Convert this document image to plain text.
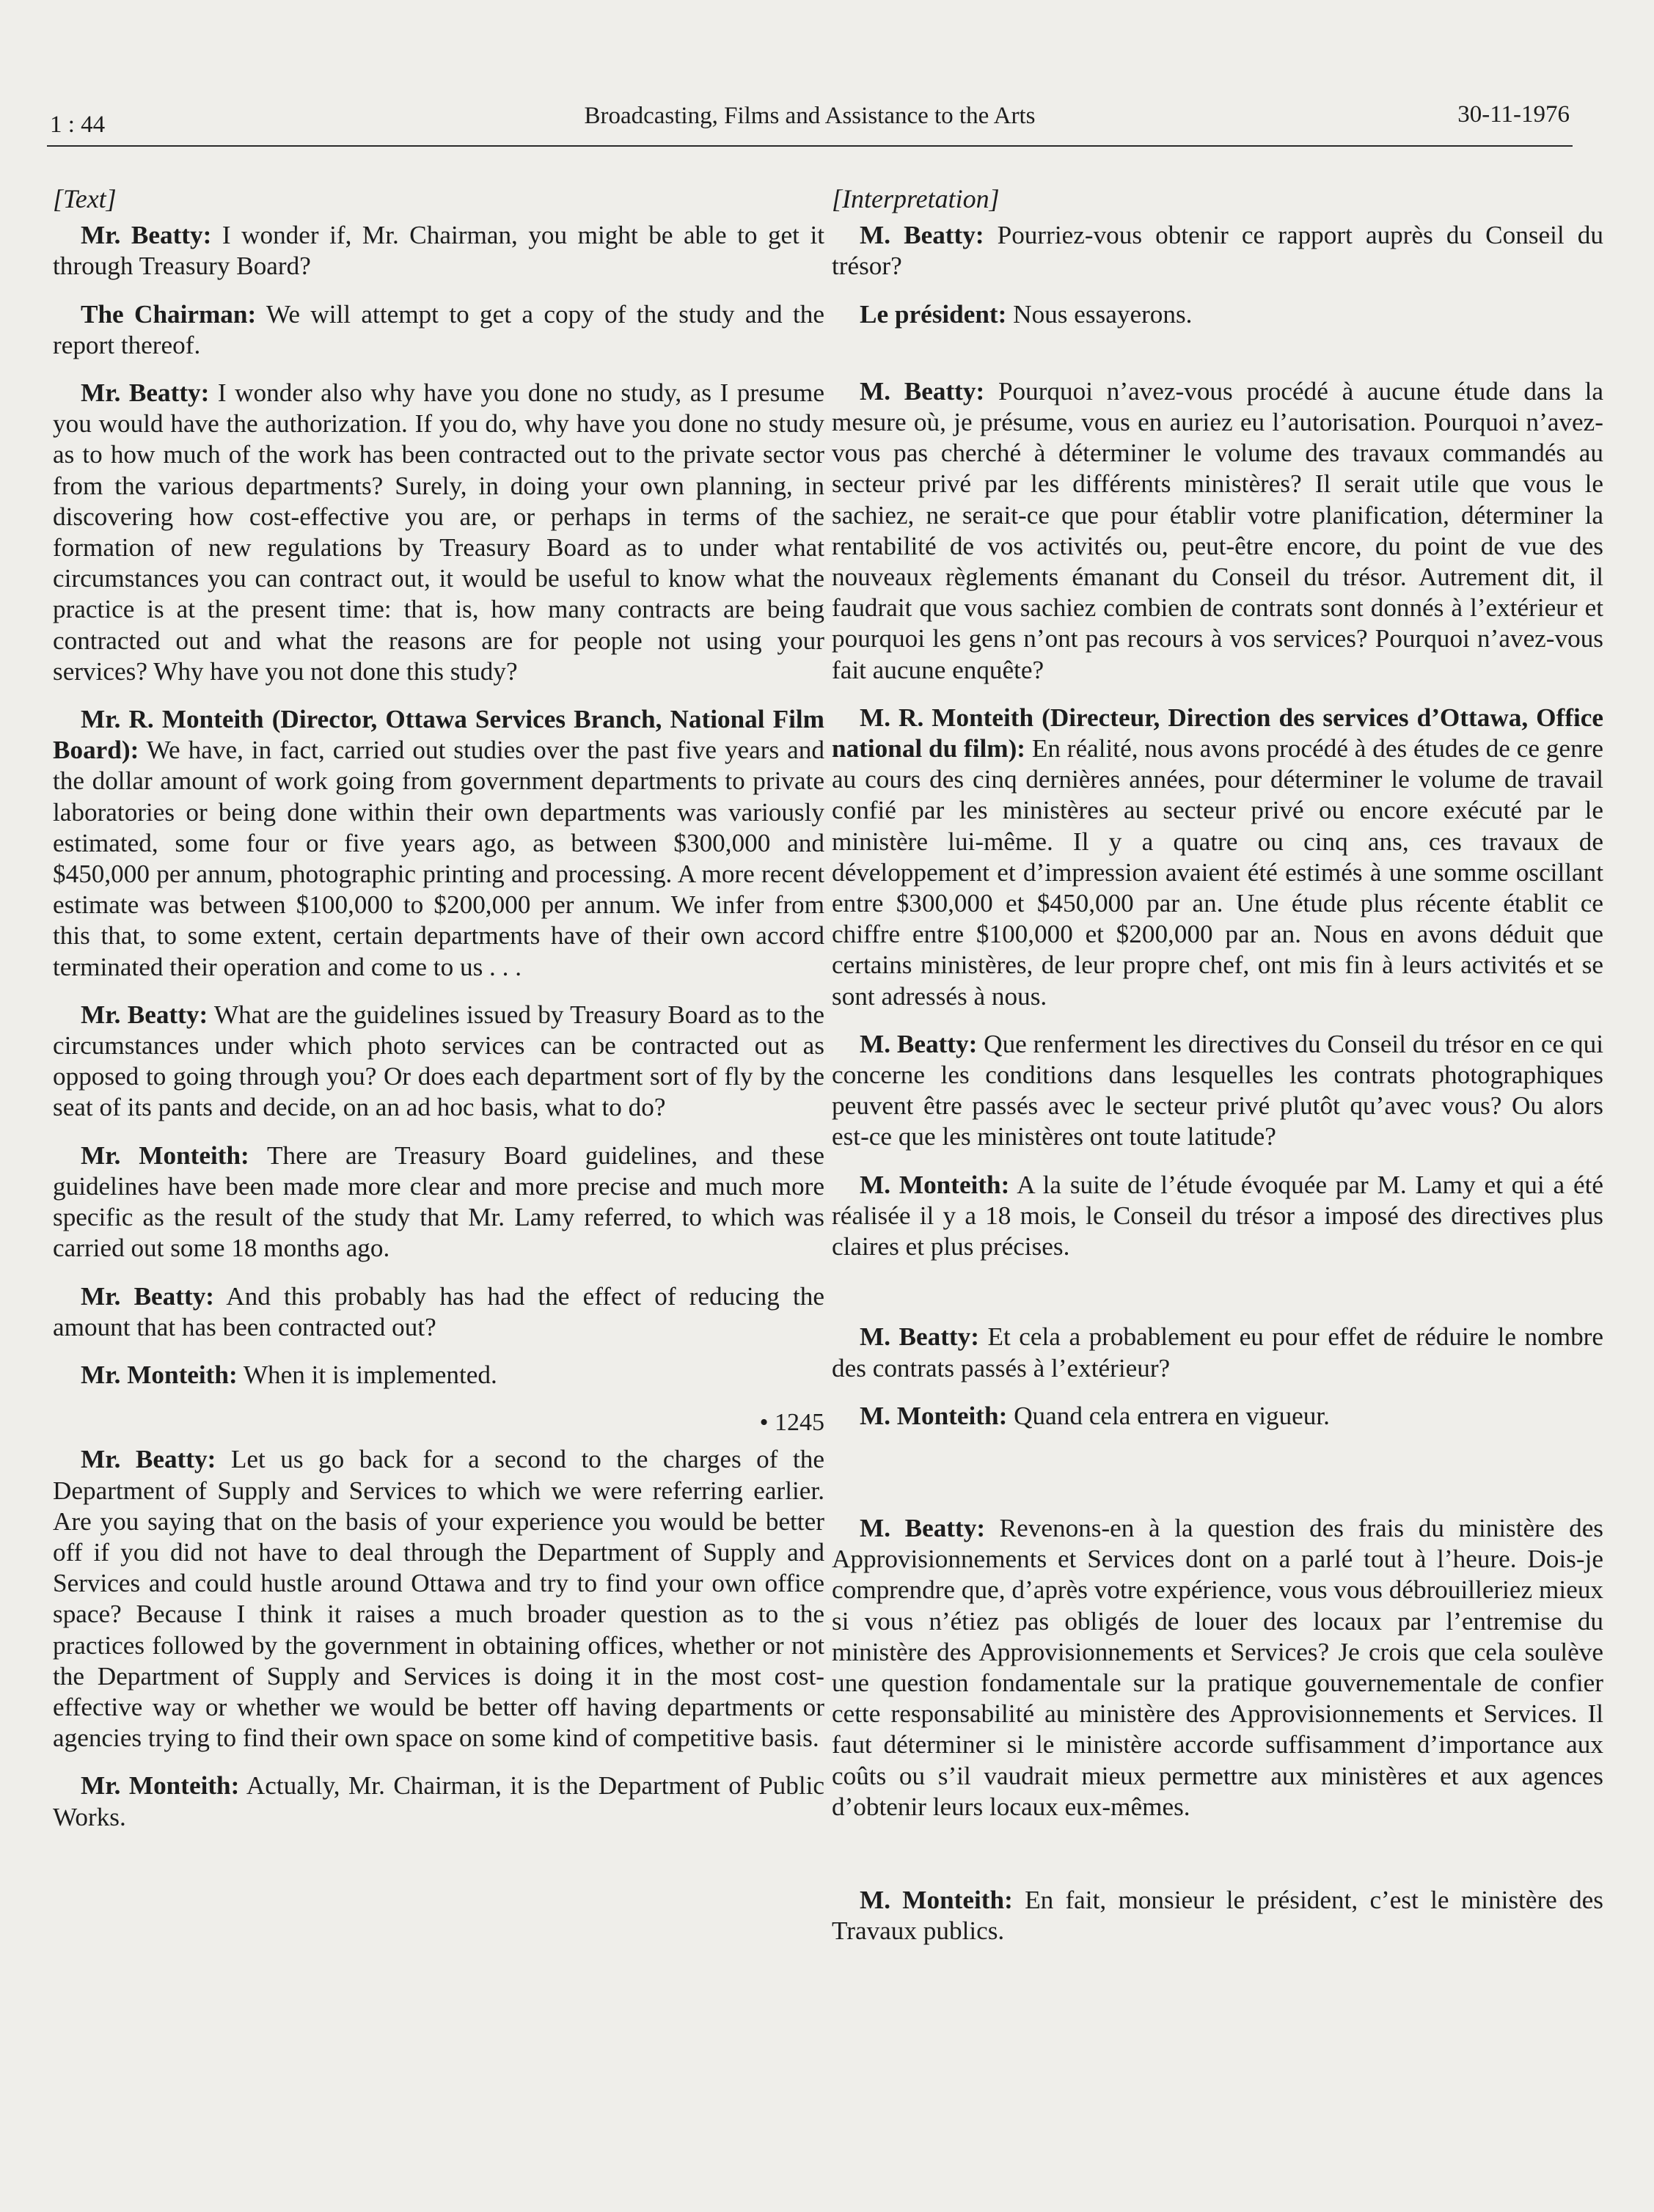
1 : 44	Broadcasting, Films and Assistance to the Arts	30-11-1976
[Text]

Mr. Beatty: I wonder if, Mr. Chairman, you might be able to get it through Treasury Board?

The Chairman: We will attempt to get a copy of the study and the report thereof.

Mr. Beatty: I wonder also why have you done no study, as I presume you would have the authorization. If you do, why have you done no study as to how much of the work has been contracted out to the private sector from the various departments? Surely, in doing your own planning, in discovering how cost-effective you are, or perhaps in terms of the formation of new regulations by Treasury Board as to under what circumstances you can contract out, it would be useful to know what the practice is at the present time: that is, how many contracts are being contracted out and what the reasons are for people not using your services? Why have you not done this study?

Mr. R. Monteith (Director, Ottawa Services Branch, National Film Board): We have, in fact, carried out studies over the past five years and the dollar amount of work going from government departments to private laboratories or being done within their own departments was variously estimated, some four or five years ago, as between $300,000 and $450,000 per annum, photographic printing and processing. A more recent estimate was between $100,000 to $200,000 per annum. We infer from this that, to some extent, certain departments have of their own accord terminated their operation and come to us . . .

Mr. Beatty: What are the guidelines issued by Treasury Board as to the circumstances under which photo services can be contracted out as opposed to going through you? Or does each department sort of fly by the seat of its pants and decide, on an ad hoc basis, what to do?

Mr. Monteith: There are Treasury Board guidelines, and these guidelines have been made more clear and more precise and much more specific as the result of the study that Mr. Lamy referred, to which was carried out some 18 months ago.

Mr. Beatty: And this probably has had the effect of reducing the amount that has been contracted out?

Mr. Monteith: When it is implemented.

• 1245

Mr. Beatty: Let us go back for a second to the charges of the Department of Supply and Services to which we were referring earlier. Are you saying that on the basis of your experience you would be better off if you did not have to deal through the Department of Supply and Services and could hustle around Ottawa and try to find your own office space? Because I think it raises a much broader question as to the practices followed by the government in obtaining offices, whether or not the Department of Supply and Services is doing it in the most cost-effective way or whether we would be better off having departments or agencies trying to find their own space on some kind of competitive basis.

Mr. Monteith: Actually, Mr. Chairman, it is the Department of Public Works.

[Interpretation]

M. Beatty: Pourriez-vous obtenir ce rapport auprès du Conseil du trésor?

Le président: Nous essayerons.

M. Beatty: Pourquoi n’avez-vous procédé à aucune étude dans la mesure où, je présume, vous en auriez eu l’autorisation. Pourquoi n’avez-vous pas cherché à déterminer le volume des travaux commandés au secteur privé par les différents ministères? Il serait utile que vous le sachiez, ne serait-ce que pour établir votre planification, déterminer la rentabilité de vos activités ou, peut-être encore, du point de vue des nouveaux règlements émanant du Conseil du trésor. Autrement dit, il faudrait que vous sachiez combien de contrats sont donnés à l’extérieur et pourquoi les gens n’ont pas recours à vos services? Pourquoi n’avez-vous fait aucune enquête?

M. R. Monteith (Directeur, Direction des services d’Ottawa, Office national du film): En réalité, nous avons procédé à des études de ce genre au cours des cinq dernières années, pour déterminer le volume de travail confié par les ministères au secteur privé ou encore exécuté par le ministère lui-même. Il y a quatre ou cinq ans, ces travaux de développement et d’impression avaient été estimés à une somme oscillant entre $300,000 et $450,000 par an. Une étude plus récente établit ce chiffre entre $100,000 et $200,000 par an. Nous en avons déduit que certains ministères, de leur propre chef, ont mis fin à leurs activités et se sont adressés à nous.

M. Beatty: Que renferment les directives du Conseil du trésor en ce qui concerne les conditions dans lesquelles les contrats photographiques peuvent être passés avec le secteur privé plutôt qu’avec vous? Ou alors est-ce que les ministères ont toute latitude?

M. Monteith: A la suite de l’étude évoquée par M. Lamy et qui a été réalisée il y a 18 mois, le Conseil du trésor a imposé des directives plus claires et plus précises.

M. Beatty: Et cela a probablement eu pour effet de réduire le nombre des contrats passés à l’extérieur?

M. Monteith: Quand cela entrera en vigueur.

M. Beatty: Revenons-en à la question des frais du ministère des Approvisionnements et Services dont on a parlé tout à l’heure. Dois-je comprendre que, d’après votre expérience, vous vous débrouilleriez mieux si vous n’étiez pas obligés de louer des locaux par l’entremise du ministère des Approvisionnements et Services? Je crois que cela soulève une question fondamentale sur la pratique gouvernementale de confier cette responsabilité au ministère des Approvisionnements et Services. Il faut déterminer si le ministère accorde suffisamment d’importance aux coûts ou s’il vaudrait mieux permettre aux ministères et aux agences d’obtenir leurs locaux eux-mêmes.

M. Monteith: En fait, monsieur le président, c’est le ministère des Travaux publics.
